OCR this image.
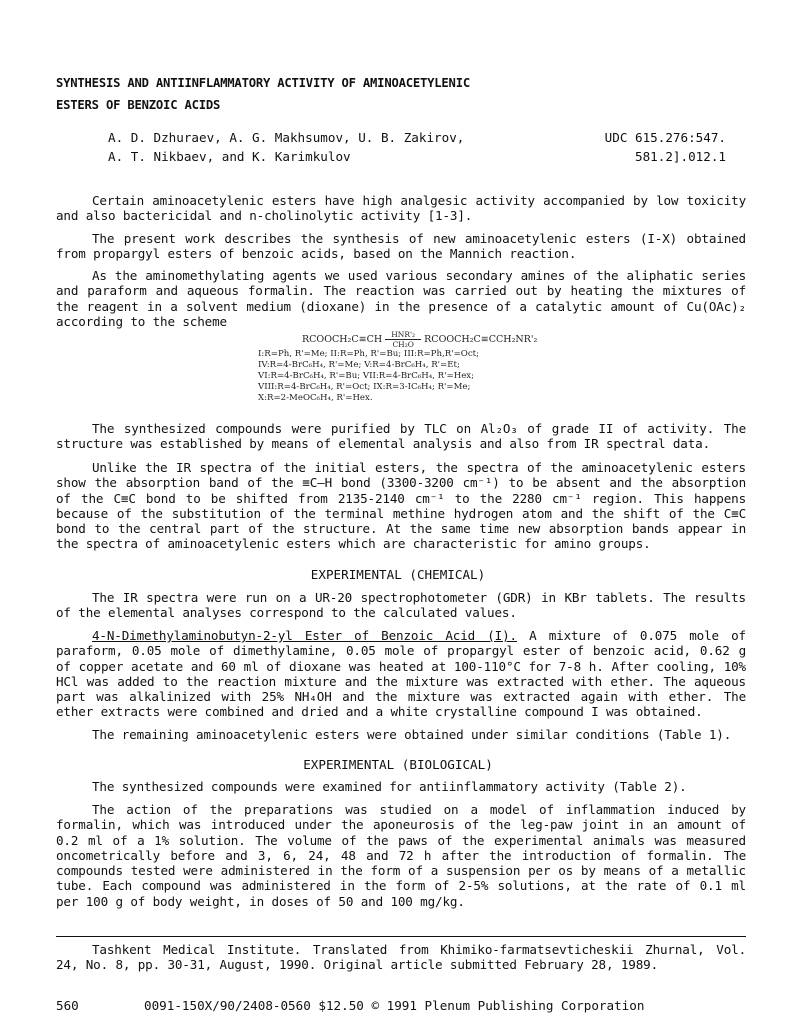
SYNTHESIS AND ANTIINFLAMMATORY ACTIVITY OF AMINOACETYLENIC
ESTERS OF BENZOIC ACIDS
A. D. Dzhuraev, A. G. Makhsumov, U. B. Zakirov,
A. T. Nikbaev, and K. Karimkulov
UDC 615.276:547.
581.2].012.1
Certain aminoacetylenic esters have high analgesic activity accompanied by low toxicity and also bactericidal and n-cholinolytic activity [1-3].
The present work describes the synthesis of new aminoacetylenic esters (I-X) obtained from propargyl esters of benzoic acids, based on the Mannich reaction.
As the aminomethylating agents we used various secondary amines of the aliphatic series and paraform and aqueous formalin. The reaction was carried out by heating the mixtures of the reagent in a solvent medium (dioxane) in the presence of a catalytic amount of Cu(OAc)₂ according to the scheme
RCOOCH₂C≡CH HNR'₂
CH₂O RCOOCH₂C≡CCH₂NR'₂
I:R=Ph, R'=Me; II:R=Ph, R'=Bu; III:R=Ph,R'=Oct;
IV:R=4-BrC₆H₄, R'=Me; V:R=4-BrC₆H₄, R'=Et;
VI:R=4-BrC₆H₄, R'=Bu; VII:R=4-BrC₆H₄, R'=Hex;
VIII:R=4-BrC₆H₄, R'=Oct; IX:R=3-IC₆H₄; R'=Me;
X:R=2-MeOC₆H₄, R'=Hex.
The synthesized compounds were purified by TLC on Al₂O₃ of grade II of activity. The structure was established by means of elemental analysis and also from IR spectral data.
Unlike the IR spectra of the initial esters, the spectra of the aminoacetylenic esters show the absorption band of the ≡C–H bond (3300-3200 cm⁻¹) to be absent and the absorption of the C≡C bond to be shifted from 2135-2140 cm⁻¹ to the 2280 cm⁻¹ region. This happens because of the substitution of the terminal methine hydrogen atom and the shift of the C≡C bond to the central part of the structure. At the same time new absorption bands appear in the spectra of aminoacetylenic esters which are characteristic for amino groups.
EXPERIMENTAL (CHEMICAL)
The IR spectra were run on a UR-20 spectrophotometer (GDR) in KBr tablets. The results of the elemental analyses correspond to the calculated values.
4-N-Dimethylaminobutyn-2-yl Ester of Benzoic Acid (I). A mixture of 0.075 mole of paraform, 0.05 mole of dimethylamine, 0.05 mole of propargyl ester of benzoic acid, 0.62 g of copper acetate and 60 ml of dioxane was heated at 100-110°C for 7-8 h. After cooling, 10% HCl was added to the reaction mixture and the mixture was extracted with ether. The aqueous part was alkalinized with 25% NH₄OH and the mixture was extracted again with ether. The ether extracts were combined and dried and a white crystalline compound I was obtained.
The remaining aminoacetylenic esters were obtained under similar conditions (Table 1).
EXPERIMENTAL (BIOLOGICAL)
The synthesized compounds were examined for antiinflammatory activity (Table 2).
The action of the preparations was studied on a model of inflammation induced by formalin, which was introduced under the aponeurosis of the leg-paw joint in an amount of 0.2 ml of a 1% solution. The volume of the paws of the experimental animals was measured oncometrically before and 3, 6, 24, 48 and 72 h after the introduction of formalin. The compounds tested were administered in the form of a suspension per os by means of a metallic tube. Each compound was administered in the form of 2-5% solutions, at the rate of 0.1 ml per 100 g of body weight, in doses of 50 and 100 mg/kg.
Tashkent Medical Institute. Translated from Khimiko-farmatsevticheskii Zhurnal, Vol. 24, No. 8, pp. 30-31, August, 1990. Original article submitted February 28, 1989.
560	0091-150X/90/2408-0560 $12.50 © 1991 Plenum Publishing Corporation
